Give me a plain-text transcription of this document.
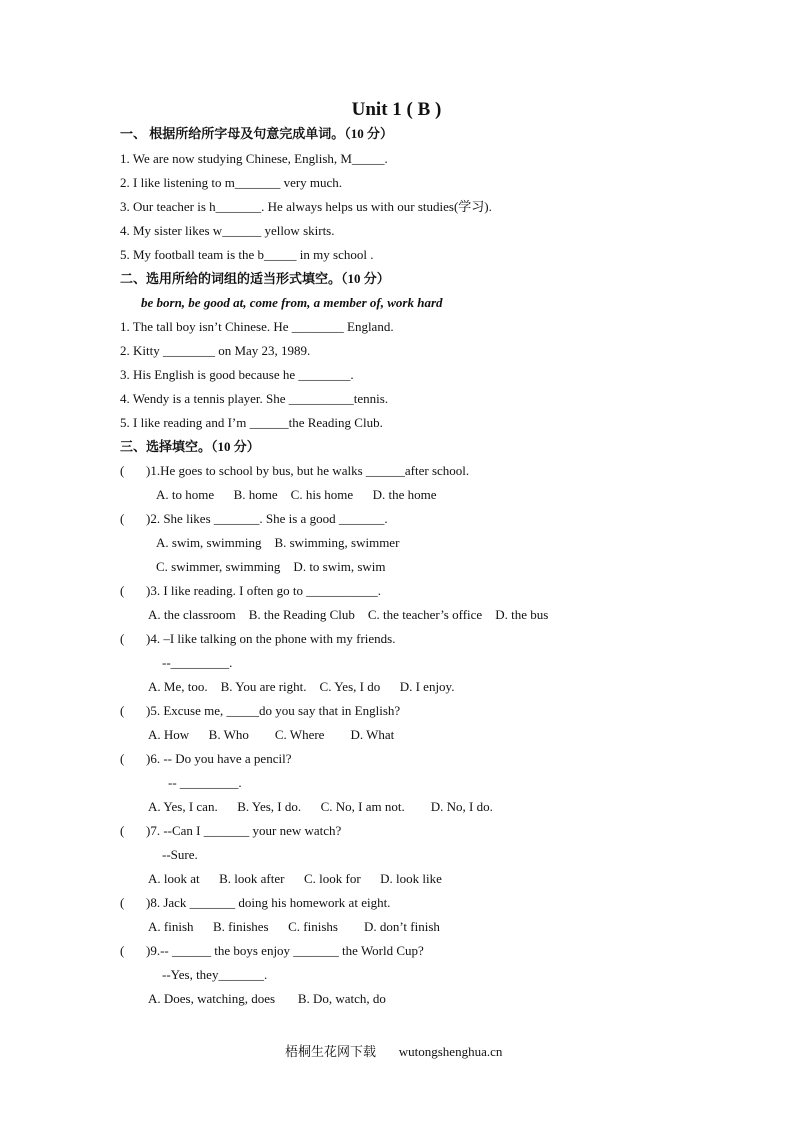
Unit 1 ( B )
一、 根据所给所字母及句意完成单词。（10 分）
1. We are now studying Chinese, English, M_____.
2. I like listening to m_______ very much.
3. Our teacher is h_______. He always helps us with our studies(学习).
4. My sister likes w______ yellow skirts.
5. My football team is the b_____ in my school .
二、选用所给的词组的适当形式填空。（10 分）
be born, be good at, come from, a member of, work hard
1. The tall boy isn’t Chinese. He ________ England.
2. Kitty ________ on May 23, 1989.
3. His English is good because he ________.
4. Wendy is a tennis player. She __________tennis.
5. I like reading and I’m ______the Reading Club.
三、选择填空。（10 分）
( )1.He goes to school by bus, but he walks ______after school.
A. to home      B. home    C. his home      D. the home
( )2. She likes _______. She is a good _______.
A. swim, swimming    B. swimming, swimmer
C. swimmer, swimming    D. to swim, swim
( )3. I like reading. I often go to ___________.
A. the classroom    B. the Reading Club    C. the teacher’s office    D. the bus
( )4. –I like talking on the phone with my friends.
--_________.
A. Me, too.    B. You are right.    C. Yes, I do      D. I enjoy.
( )5. Excuse me, _____do you say that in English?
A. How      B. Who        C. Where        D. What
( )6. -- Do you have a pencil?
-- _________.
A. Yes, I can.      B. Yes, I do.      C. No, I am not.        D. No, I do.
( )7. --Can I _______ your new watch?
--Sure.
A. look at      B. look after      C. look for      D. look like
( )8. Jack _______ doing his homework at eight.
A. finish      B. finishes      C. finishs        D. don’t finish
( )9.-- ______ the boys enjoy _______ the World Cup?
--Yes, they_______.
A. Does, watching, does       B. Do, watch, do
梧桐生花网下载       wutongshenghua.cn
